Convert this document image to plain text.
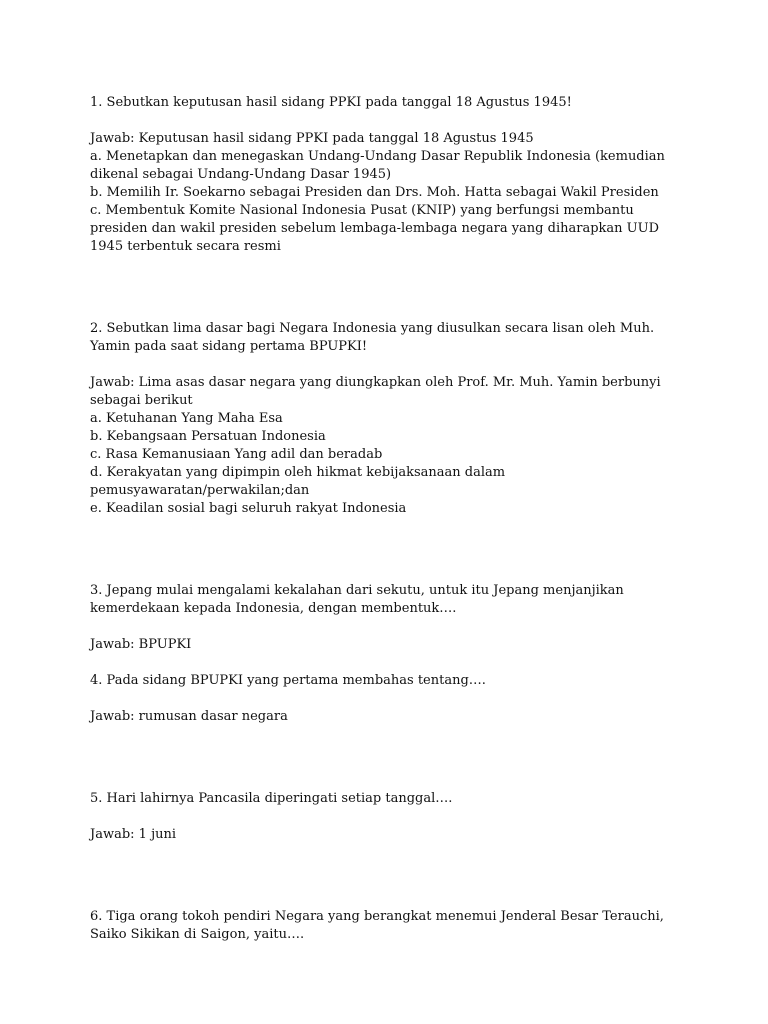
1. Sebutkan keputusan hasil sidang PPKI pada tanggal 18 Agustus 1945!

Jawab: Keputusan hasil sidang PPKI pada tanggal 18 Agustus 1945

a. Menetapkan dan menegaskan Undang-Undang Dasar Republik Indonesia (kemudian dikenal sebagai Undang-Undang Dasar 1945)

b. Memilih Ir. Soekarno sebagai Presiden dan Drs. Moh. Hatta sebagai Wakil Presiden

c. Membentuk Komite Nasional Indonesia Pusat (KNIP) yang berfungsi membantu presiden dan wakil presiden sebelum lembaga-lembaga negara yang diharapkan UUD 1945 terbentuk secara resmi

2. Sebutkan lima dasar bagi Negara Indonesia yang diusulkan secara lisan oleh Muh. Yamin pada saat sidang pertama BPUPKI!

Jawab: Lima asas dasar negara yang diungkapkan oleh Prof. Mr. Muh. Yamin berbunyi sebagai berikut

a. Ketuhanan Yang Maha Esa

b. Kebangsaan Persatuan Indonesia

c. Rasa Kemanusiaan Yang adil dan beradab

d. Kerakyatan yang dipimpin oleh hikmat kebijaksanaan dalam pemusyawaratan/perwakilan;dan

e. Keadilan sosial bagi seluruh rakyat Indonesia

3. Jepang mulai mengalami kekalahan dari sekutu, untuk itu Jepang menjanjikan kemerdekaan kepada Indonesia, dengan membentuk….

Jawab: BPUPKI

4. Pada sidang BPUPKI yang pertama membahas tentang….

Jawab: rumusan dasar negara

5. Hari lahirnya Pancasila diperingati setiap tanggal….

Jawab: 1 juni

6. Tiga orang tokoh pendiri Negara yang berangkat menemui Jenderal Besar Terauchi, Saiko Sikikan di Saigon, yaitu….
